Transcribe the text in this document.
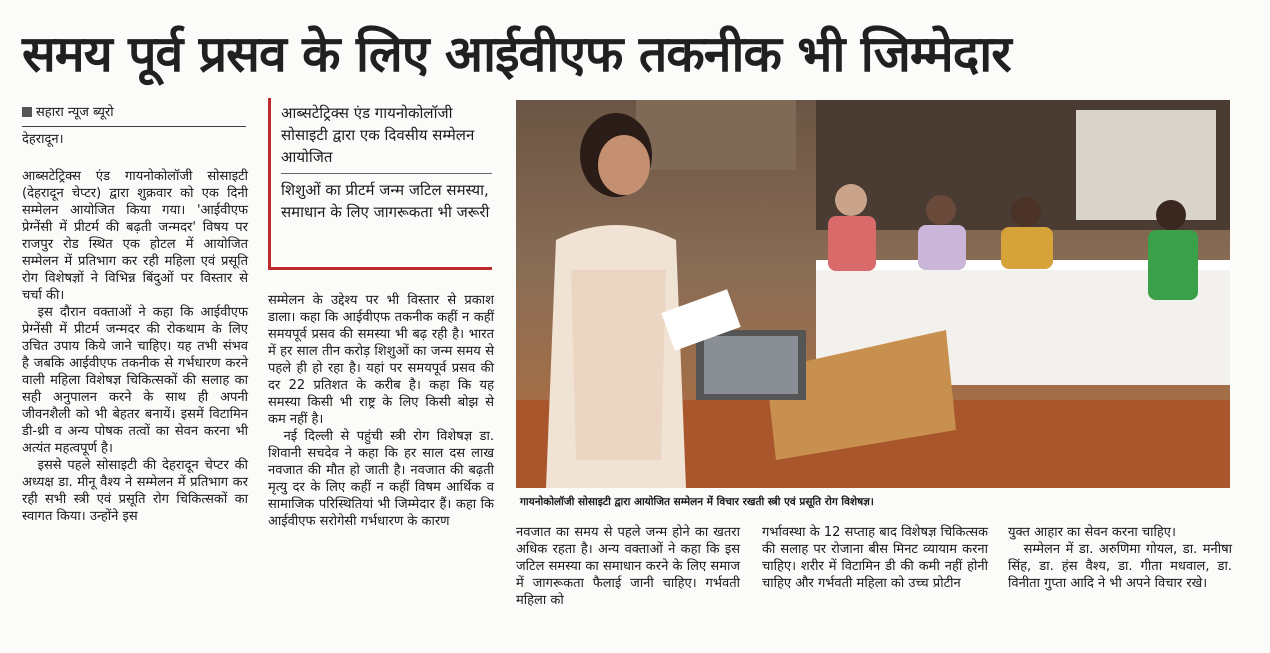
समय पूर्व प्रसव के लिए आईवीएफ तकनीक भी जिम्मेदार
सहारा न्यूज ब्यूरो
देहरादून।

आब्सटेट्रिक्स एंड गायनोकोलॉजी सोसाइटी (देहरादून चेप्टर) द्वारा शुक्रवार को एक दिनी सम्मेलन आयोजित किया गया। 'आईवीएफ प्रेग्नेंसी में प्रीटर्म की बढ़ती जन्मदर' विषय पर राजपुर रोड स्थित एक होटल में आयोजित सम्मेलन में प्रतिभाग कर रही महिला एवं प्रसूति रोग विशेषज्ञों ने विभिन्न बिंदुओं पर विस्तार से चर्चा की।

इस दौरान वक्ताओं ने कहा कि आईवीएफ प्रेग्नेंसी में प्रीटर्म जन्मदर की रोकथाम के लिए उचित उपाय किये जाने चाहिए। यह तभी संभव है जबकि आईवीएफ तकनीक से गर्भधारण करने वाली महिला विशेषज्ञ चिकित्सकों की सलाह का सही अनुपालन करने के साथ ही अपनी जीवनशैली को भी बेहतर बनायें। इसमें विटामिन डी-थ्री व अन्य पोषक तत्वों का सेवन करना भी अत्यंत महत्वपूर्ण है।

इससे पहले सोसाइटी की देहरादून चेप्टर की अध्यक्ष डा. मीनू वैश्य ने सम्मेलन में प्रतिभाग कर रही सभी स्त्री एवं प्रसूति रोग चिकित्सकों का स्वागत किया। उन्होंने इस

आब्सटेट्रिक्स एंड गायनोकोलॉजी सोसाइटी द्वारा एक दिवसीय सम्मेलन आयोजित
शिशुओं का प्रीटर्म जन्म जटिल समस्या, समाधान के लिए जागरूकता भी जरूरी

सम्मेलन के उद्देश्य पर भी विस्तार से प्रकाश डाला। कहा कि आईवीएफ तकनीक कहीं न कहीं समयपूर्व प्रसव की समस्या भी बढ़ रही है। भारत में हर साल तीन करोड़ शिशुओं का जन्म समय से पहले ही हो रहा है। यहां पर समयपूर्व प्रसव की दर 22 प्रतिशत के करीब है। कहा कि यह समस्या किसी भी राष्ट्र के लिए किसी बोझ से कम नहीं है।

नई दिल्ली से पहुंची स्त्री रोग विशेषज्ञ डा. शिवानी सचदेव ने कहा कि हर साल दस लाख नवजात की मौत हो जाती है। नवजात की बढ़ती मृत्यु दर के लिए कहीं न कहीं विषम आर्थिक व सामाजिक परिस्थितियां भी जिम्मेदार हैं। कहा कि आईवीएफ सरोगेसी गर्भधारण के कारण

गायनोकोलॉजी सोसाइटी द्वारा आयोजित सम्मेलन में विचार रखती स्त्री एवं प्रसूति रोग विशेषज्ञ।

नवजात का समय से पहले जन्म होने का खतरा अधिक रहता है। अन्य वक्ताओं ने कहा कि इस जटिल समस्या का समाधान करने के लिए समाज में जागरूकता फैलाई जानी चाहिए। गर्भवती महिला को

गर्भावस्था के 12 सप्ताह बाद विशेषज्ञ चिकित्सक की सलाह पर रोजाना बीस मिनट व्यायाम करना चाहिए। शरीर में विटामिन डी की कमी नहीं होनी चाहिए और गर्भवती महिला को उच्च प्रोटीन

युक्त आहार का सेवन करना चाहिए।

सम्मेलन में डा. अरुणिमा गोयल, डा. मनीषा सिंह, डा. हंस वैश्य, डा. गीता मधवाल, डा. विनीता गुप्ता आदि ने भी अपने विचार रखे।
